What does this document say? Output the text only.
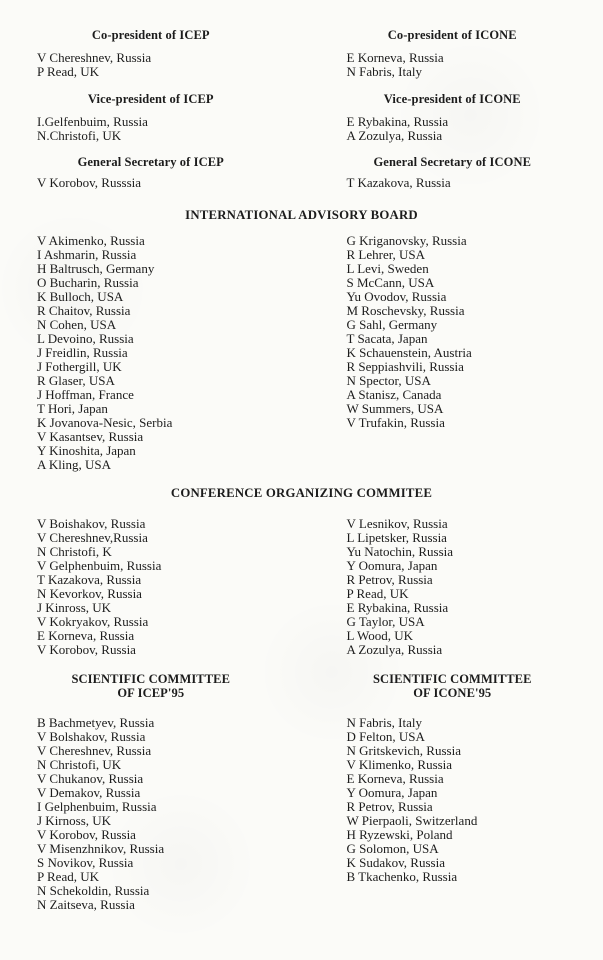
Co-president of ICEP
V Chereshnev, Russia
P Read, UK
Co-president of ICONE
E Korneva, Russia
N Fabris, Italy
Vice-president of ICEP
I.Gelfenbuim, Russia
N.Christofi, UK
Vice-president of ICONE
E Rybakina, Russia
A Zozulya, Russia
General Secretary of ICEP
V Korobov, Russsia
General Secretary of ICONE
T Kazakova, Russia
INTERNATIONAL ADVISORY BOARD
V Akimenko, Russia
I Ashmarin, Russia
H Baltrusch, Germany
O Bucharin, Russia
K Bulloch, USA
R Chaitov, Russia
N Cohen, USA
L Devoino, Russia
J Freidlin, Russia
J Fothergill, UK
R Glaser, USA
J Hoffman, France
T Hori, Japan
K Jovanova-Nesic, Serbia
V Kasantsev, Russia
Y Kinoshita, Japan
A Kling, USA
G Kriganovsky, Russia
R Lehrer, USA
L Levi, Sweden
S McCann, USA
Yu Ovodov, Russia
M Roschevsky, Russia
G Sahl, Germany
T Sacata, Japan
K Schauenstein, Austria
R Seppiashvili, Russia
N Spector, USA
A Stanisz, Canada
W Summers, USA
V Trufakin, Russia
CONFERENCE ORGANIZING COMMITEE
V Boishakov, Russia
V Chereshnev,Russia
N Christofi, K
V Gelphenbuim, Russia
T Kazakova, Russia
N Kevorkov, Russia
J Kinross, UK
V Kokryakov, Russia
E Korneva, Russia
V Korobov, Russia
V Lesnikov, Russia
L Lipetsker, Russia
Yu Natochin, Russia
Y Oomura, Japan
R Petrov, Russia
P Read, UK
E Rybakina, Russia
G Taylor, USA
L Wood, UK
A Zozulya, Russia
SCIENTIFIC COMMITTEE
OF ICEP'95
SCIENTIFIC COMMITTEE
OF ICONE'95
B Bachmetyev, Russia
V Bolshakov, Russia
V Chereshnev, Russia
N Christofi, UK
V Chukanov, Russia
V Demakov, Russia
I Gelphenbuim, Russia
J Kirnoss, UK
V Korobov, Russia
V Misenzhnikov, Russia
S Novikov, Russia
P Read, UK
N Schekoldin, Russia
N Zaitseva, Russia
N Fabris, Italy
D Felton, USA
N Gritskevich, Russia
V Klimenko, Russia
E Korneva, Russia
Y Oomura, Japan
R Petrov, Russia
W Pierpaoli, Switzerland
H Ryzewski, Poland
G Solomon, USA
K Sudakov, Russia
B Tkachenko, Russia
